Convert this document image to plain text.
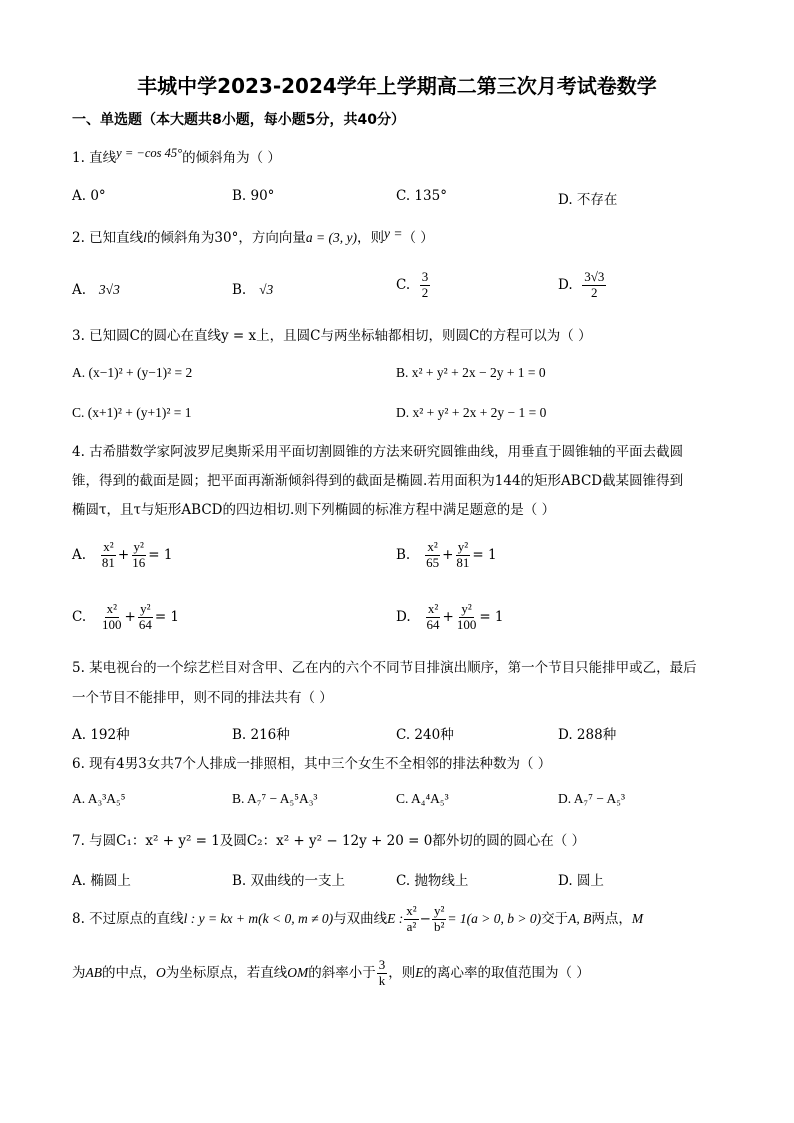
丰城中学2023-2024学年上学期高二第三次月考试卷数学
一、单选题（本大题共8小题，每小题5分，共40分）
1. 直线y = −cos 45°的倾斜角为（ ）
A. 0°	B. 90°	C. 135°	D. 不存在
2. 已知直线l的倾斜角为30°，方向向量a = (3, y)，则y =（ ）
A. 3√3	B. √3	C. $\frac{3}{2}$	D. $\frac{3√3}{2}$
3. 已知圆C的圆心在直线y = x上，且圆C与两坐标轴都相切，则圆C的方程可以为（ ）
A. (x−1)² + (y−1)² = 2	B. x² + y² + 2x − 2y + 1 = 0
C. (x+1)² + (y+1)² = 1	D. x² + y² + 2x + 2y − 1 = 0
4. 古希腊数学家阿波罗尼奥斯采用平面切割圆锥的方法来研究圆锥曲线，用垂直于圆锥轴的平面去截圆
锥，得到的截面是圆；把平面再渐渐倾斜得到的截面是椭圆.若用面积为144的矩形ABCD截某圆锥得到
椭圆τ，且τ与矩形ABCD的四边相切.则下列椭圆的标准方程中满足题意的是（ ）
A. $\frac{\text{x²}}{81} + \frac{\text{y²}}{16} = 1$	B. $\frac{\text{x²}}{65} + \frac{\text{y²}}{81} = 1$
C. $\frac{\text{x²}}{100} + \frac{\text{y²}}{64} = 1$	D. $\frac{\text{x²}}{64} + \frac{\text{y²}}{100} = 1$
5. 某电视台的一个综艺栏目对含甲、乙在内的六个不同节目排演出顺序，第一个节目只能排甲或乙，最后
一个节目不能排甲，则不同的排法共有（ ）
A. 192种	B. 216种	C. 240种	D. 288种
6. 现有4男3女共7个人排成一排照相，其中三个女生不全相邻的排法种数为（ ）
A. A₃³A₅⁵	B. A₇⁷ − A₅⁵A₃³	C. A₄⁴A₅³	D. A₇⁷ − A₅³
7. 与圆C₁：x² + y² = 1及圆C₂：x² + y² − 12y + 20 = 0都外切的圆的圆心在（ ）
A. 椭圆上	B. 双曲线的一支上	C. 抛物线上	D. 圆上
8. 不过原点的直线l : y = kx + m(k < 0, m ≠ 0)与双曲线E : $\frac{\text{x²}}{\text{a²}} - \frac{\text{y²}}{\text{b²}} = 1(a > 0$, b > 0)交于A, B两点，M
为AB的中点，O为坐标原点，若直线OM的斜率小于 $\frac{3}{k}$ ，则E的离心率的取值范围为（ ）
